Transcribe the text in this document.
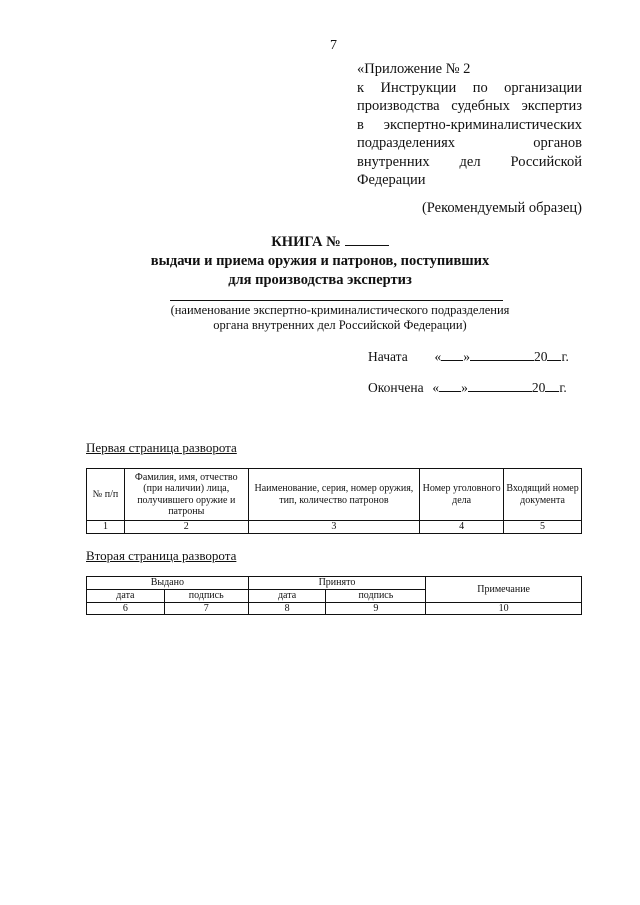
7
«Приложение № 2
к Инструкции по организации
производства судебных экспертиз
в экспертно-криминалистических
подразделениях органов
внутренних дел Российской
Федерации
(Рекомендуемый образец)
КНИГА №
выдачи и приема оружия и патронов, поступивших
для производства экспертиз
(наименование экспертно-криминалистического подразделения
органа внутренних дел Российской Федерации)
Начата « »	20 г.
Окончена « »	20 г.
Первая страница разворота
№ п/п	Фамилия, имя, отчество (при наличии) лица, получившего оружие и патроны	Наименование, серия, номер оружия, тип, количество патронов	Номер уголовного дела	Входящий номер документа
1	2	3	4	5
Вторая страница разворота
Выдано		Принято		Примечание
дата	подпись	дата	подпись	
6	7	8	9	10
